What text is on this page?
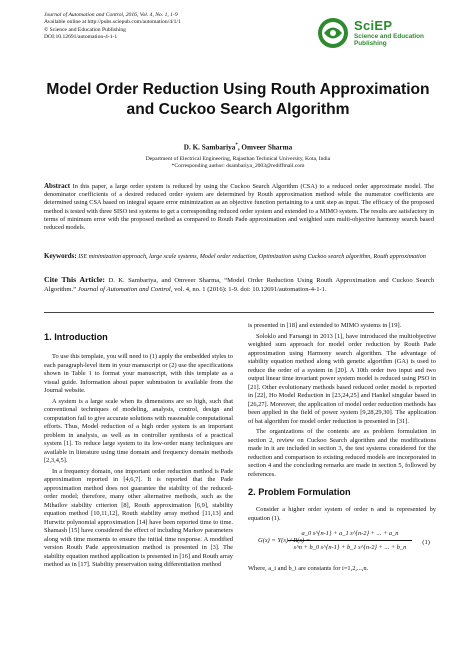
Journal of Automation and Control, 2016, Vol. 4, No. 1, 1-9
Available online at http://pubs.sciepub.com/automation/4/1/1
© Science and Education Publishing
DOI:10.12691/automation-4-1-1
SciEP
Science and Education
Publishing
Model Order Reduction Using Routh Approximation and Cuckoo Search Algorithm
D. K. Sambariya*, Omveer Sharma
Department of Electrical Engineering, Rajasthan Technical University, Kota, India
*Corresponding author: dsambariya_2003@rediffmail.com
Abstract In this paper, a large order system is reduced by using the Cuckoo Search Algorithm (CSA) to a reduced order approximate model. The denominator coefficients of a desired reduced order system are determined by Routh approximation method while the numerator coefficients are determined using CSA based on integral square error minimization as an objective function pertaining to a unit step as input. The efficacy of the proposed method is tested with three SISO test systems to get a corresponding reduced order system and extended to a MIMO system. The results are satisfactory in terms of minimum error with the proposed method as compared to Routh Pade approximation and weighted sum multi-objective harmony search based reduced models.
Keywords: ISE minimization approach, large scale systems, Model order reduction, Optimization using Cuckoo search algorithm, Routh approximation
Cite This Article: D. K. Sambariya, and Omveer Sharma, “Model Order Reduction Using Routh Approximation and Cuckoo Search Algorithm.” Journal of Automation and Control, vol. 4, no. 1 (2016): 1-9. doi: 10.12691/automation-4-1-1.
1. Introduction

To use this template, you will need to (1) apply the embedded styles to each paragraph-level item in your manuscript or (2) use the specifications shown in Table 1 to format your manuscript, with this template as a visual guide. Information about paper submission is available from the Journal website.

A system is a large scale when its dimensions are so high, such that conventional techniques of modeling, analysis, control, design and computation fail to give accurate solutions with reasonable computational efforts. Thus, Model reduction of a high order system is an important problem in analysis, as well as in controller synthesis of a practical system [1]. To reduce large system to its low-order many techniques are available in literature using time domain and frequency domain methods [2,3,4,5].

In a frequency domain, one important order reduction method is Pade approximation reported in [4,6,7]. It is reported that the Pade approximation method does not guarantee the stability of the reduced-order model; therefore, many other alternative methods, such as the Mihailov stability criterion [8], Routh approximation [6,9], stability equation method [10,11,12], Routh stability array method [11,13] and Hurwitz polynomial approximation [14] have been reported time to time. Shamash [15] have considered the effect of including Markov parameters along with time moments to ensure the initial time response. A modified version Routh Pade approximation method is presented in [3]. The stability equation method application is presented in [16] and Routh array method as in [17]. Stability preservation using differentiation method

is presented in [18] and extended to MIMO systems in [19].

Soloklo and Farsangi in 2013 [1], have introduced the multiobjective weighted sum approach for model order reduction by Routh Pade approximation using Harmony search algorithm. The advantage of stability equation method along with genetic algorithm (GA) is used to reduce the order of a system in [20]. A 10th order two input and two output linear time invariant power system model is reduced using PSO in [21]. Other evolutionary methods based reduced order model is reported in [22], Ho Model Reduction in [23,24,25] and Hankel singular based in [26,27]. Moreover, the application of model order reduction methods has been applied in the field of power system [9,28,29,30]. The application of bat algorithm for model order reduction is presented in [31].

The organizations of the contents are as problem formulation in section 2, review on Cuckoo Search algorithm and the modifications made in it are included in section 3, the test systems considered for the reduction and comparison to existing reduced models are incorporated in section 4 and the concluding remarks are made in section 5, followed by references.

2. Problem Formulation

Consider a higher order system of order n and is represented by equation (1).

G(s) = Y(s) / R(s) =
a_0 s^{n-1} + a_1 s^{n-2} + ... + a_n
s^n + b_0 s^{n-1} + b_1 s^{n-2} + ... + b_n
(1)

Where, a_i and b_i are constants for i=1,2,...,n.
